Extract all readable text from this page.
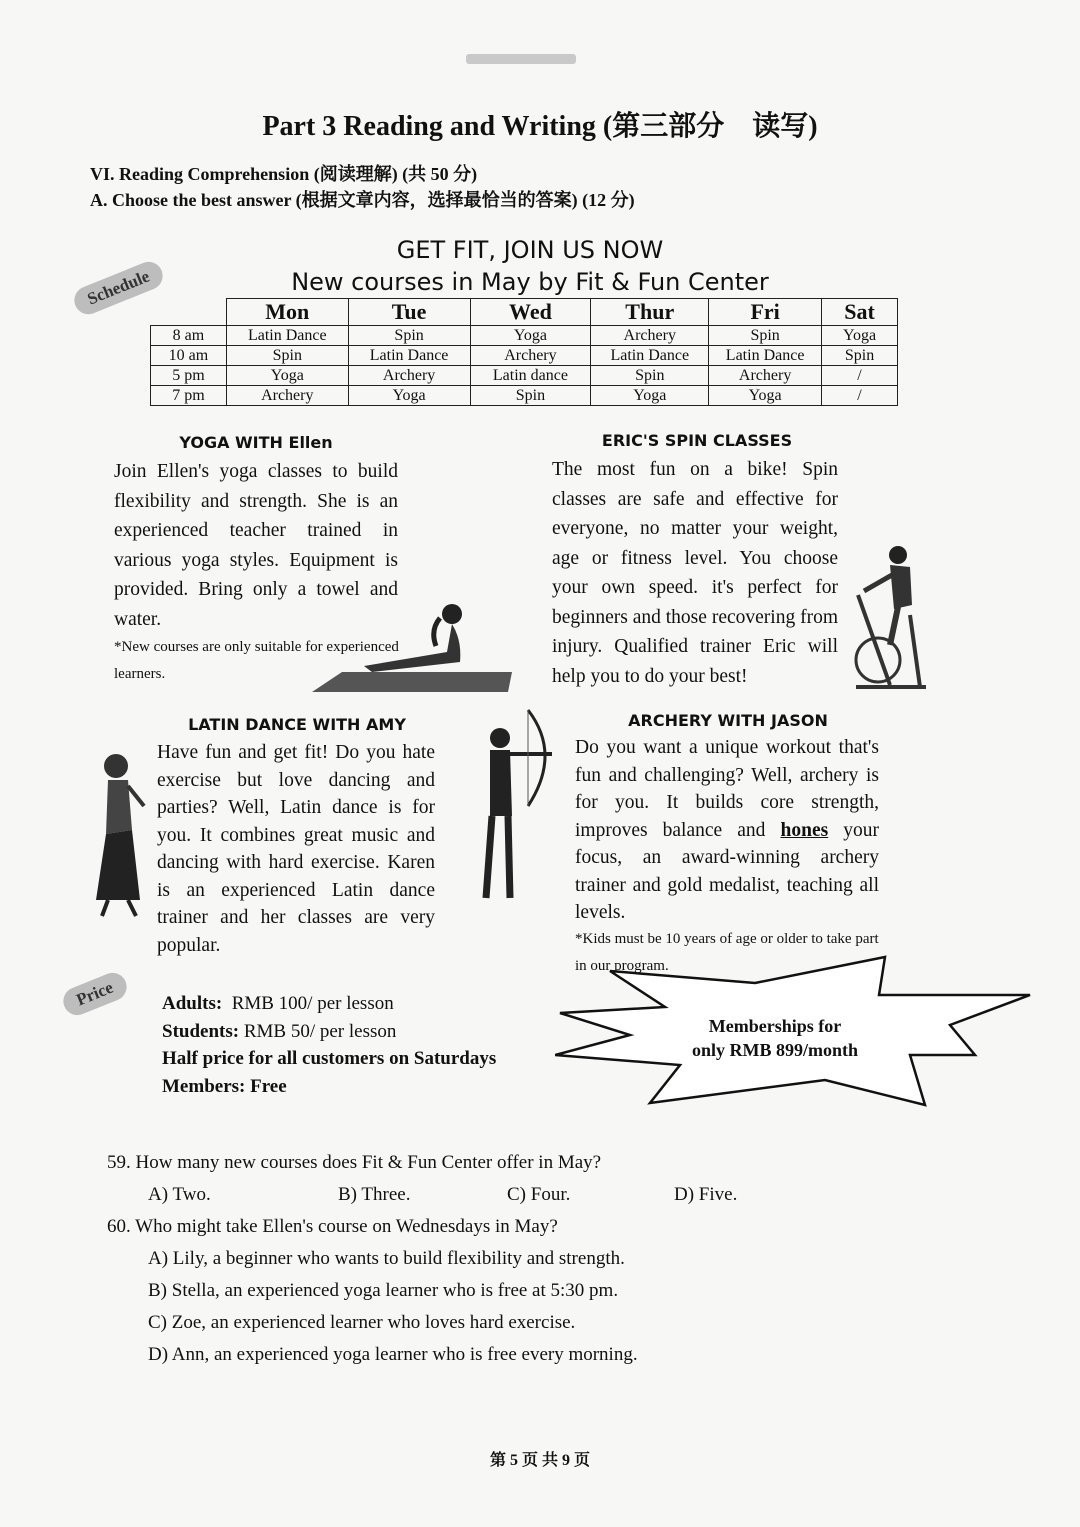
Part 3 Reading and Writing (第三部分　读写)
VI. Reading Comprehension (阅读理解) (共 50 分)
A. Choose the best answer (根据文章内容，选择最恰当的答案) (12 分)
GET FIT, JOIN US NOW
New courses in May by Fit & Fun Center
Schedule
	Mon	Tue	Wed	Thur	Fri	Sat
8 am	Latin Dance	Spin	Yoga	Archery	Spin	Yoga
10 am	Spin	Latin Dance	Archery	Latin Dance	Latin Dance	Spin
5 pm	Yoga	Archery	Latin dance	Spin	Archery	/
7 pm	Archery	Yoga	Spin	Yoga	Yoga	/
YOGA WITH Ellen
Join Ellen's yoga classes to build flexibility and strength. She is an experienced teacher trained in various yoga styles. Equipment is provided. Bring only a towel and water.
*New courses are only suitable for experienced learners.
ERIC'S SPIN CLASSES
The most fun on a bike! Spin classes are safe and effective for everyone, no matter your weight, age or fitness level. You choose your own speed. it's perfect for beginners and those recovering from injury. Qualified trainer Eric will help you to do your best!
LATIN DANCE WITH AMY
Have fun and get fit! Do you hate exercise but love dancing and parties? Well, Latin dance is for you. It combines great music and dancing with hard exercise. Karen is an experienced Latin dance trainer and her classes are very popular.
ARCHERY WITH JASON
Do you want a unique workout that's fun and challenging? Well, archery is for you. It builds core strength, improves balance and hones your focus, an award-winning archery trainer and gold medalist, teaching all levels.
*Kids must be 10 years of age or older to take part in our program.
Price	Adults: RMB 100/ per lesson
Students: RMB 50/ per lesson
Half price for all customers on Saturdays
Members: Free
Memberships for
only RMB 899/month
59. How many new courses does Fit & Fun Center offer in May?
A) Two.	B) Three.	C) Four.	D) Five.
60. Who might take Ellen's course on Wednesdays in May?
A) Lily, a beginner who wants to build flexibility and strength.
B) Stella, an experienced yoga learner who is free at 5:30 pm.
C) Zoe, an experienced learner who loves hard exercise.
D) Ann, an experienced yoga learner who is free every morning.
第 5 页 共 9 页
